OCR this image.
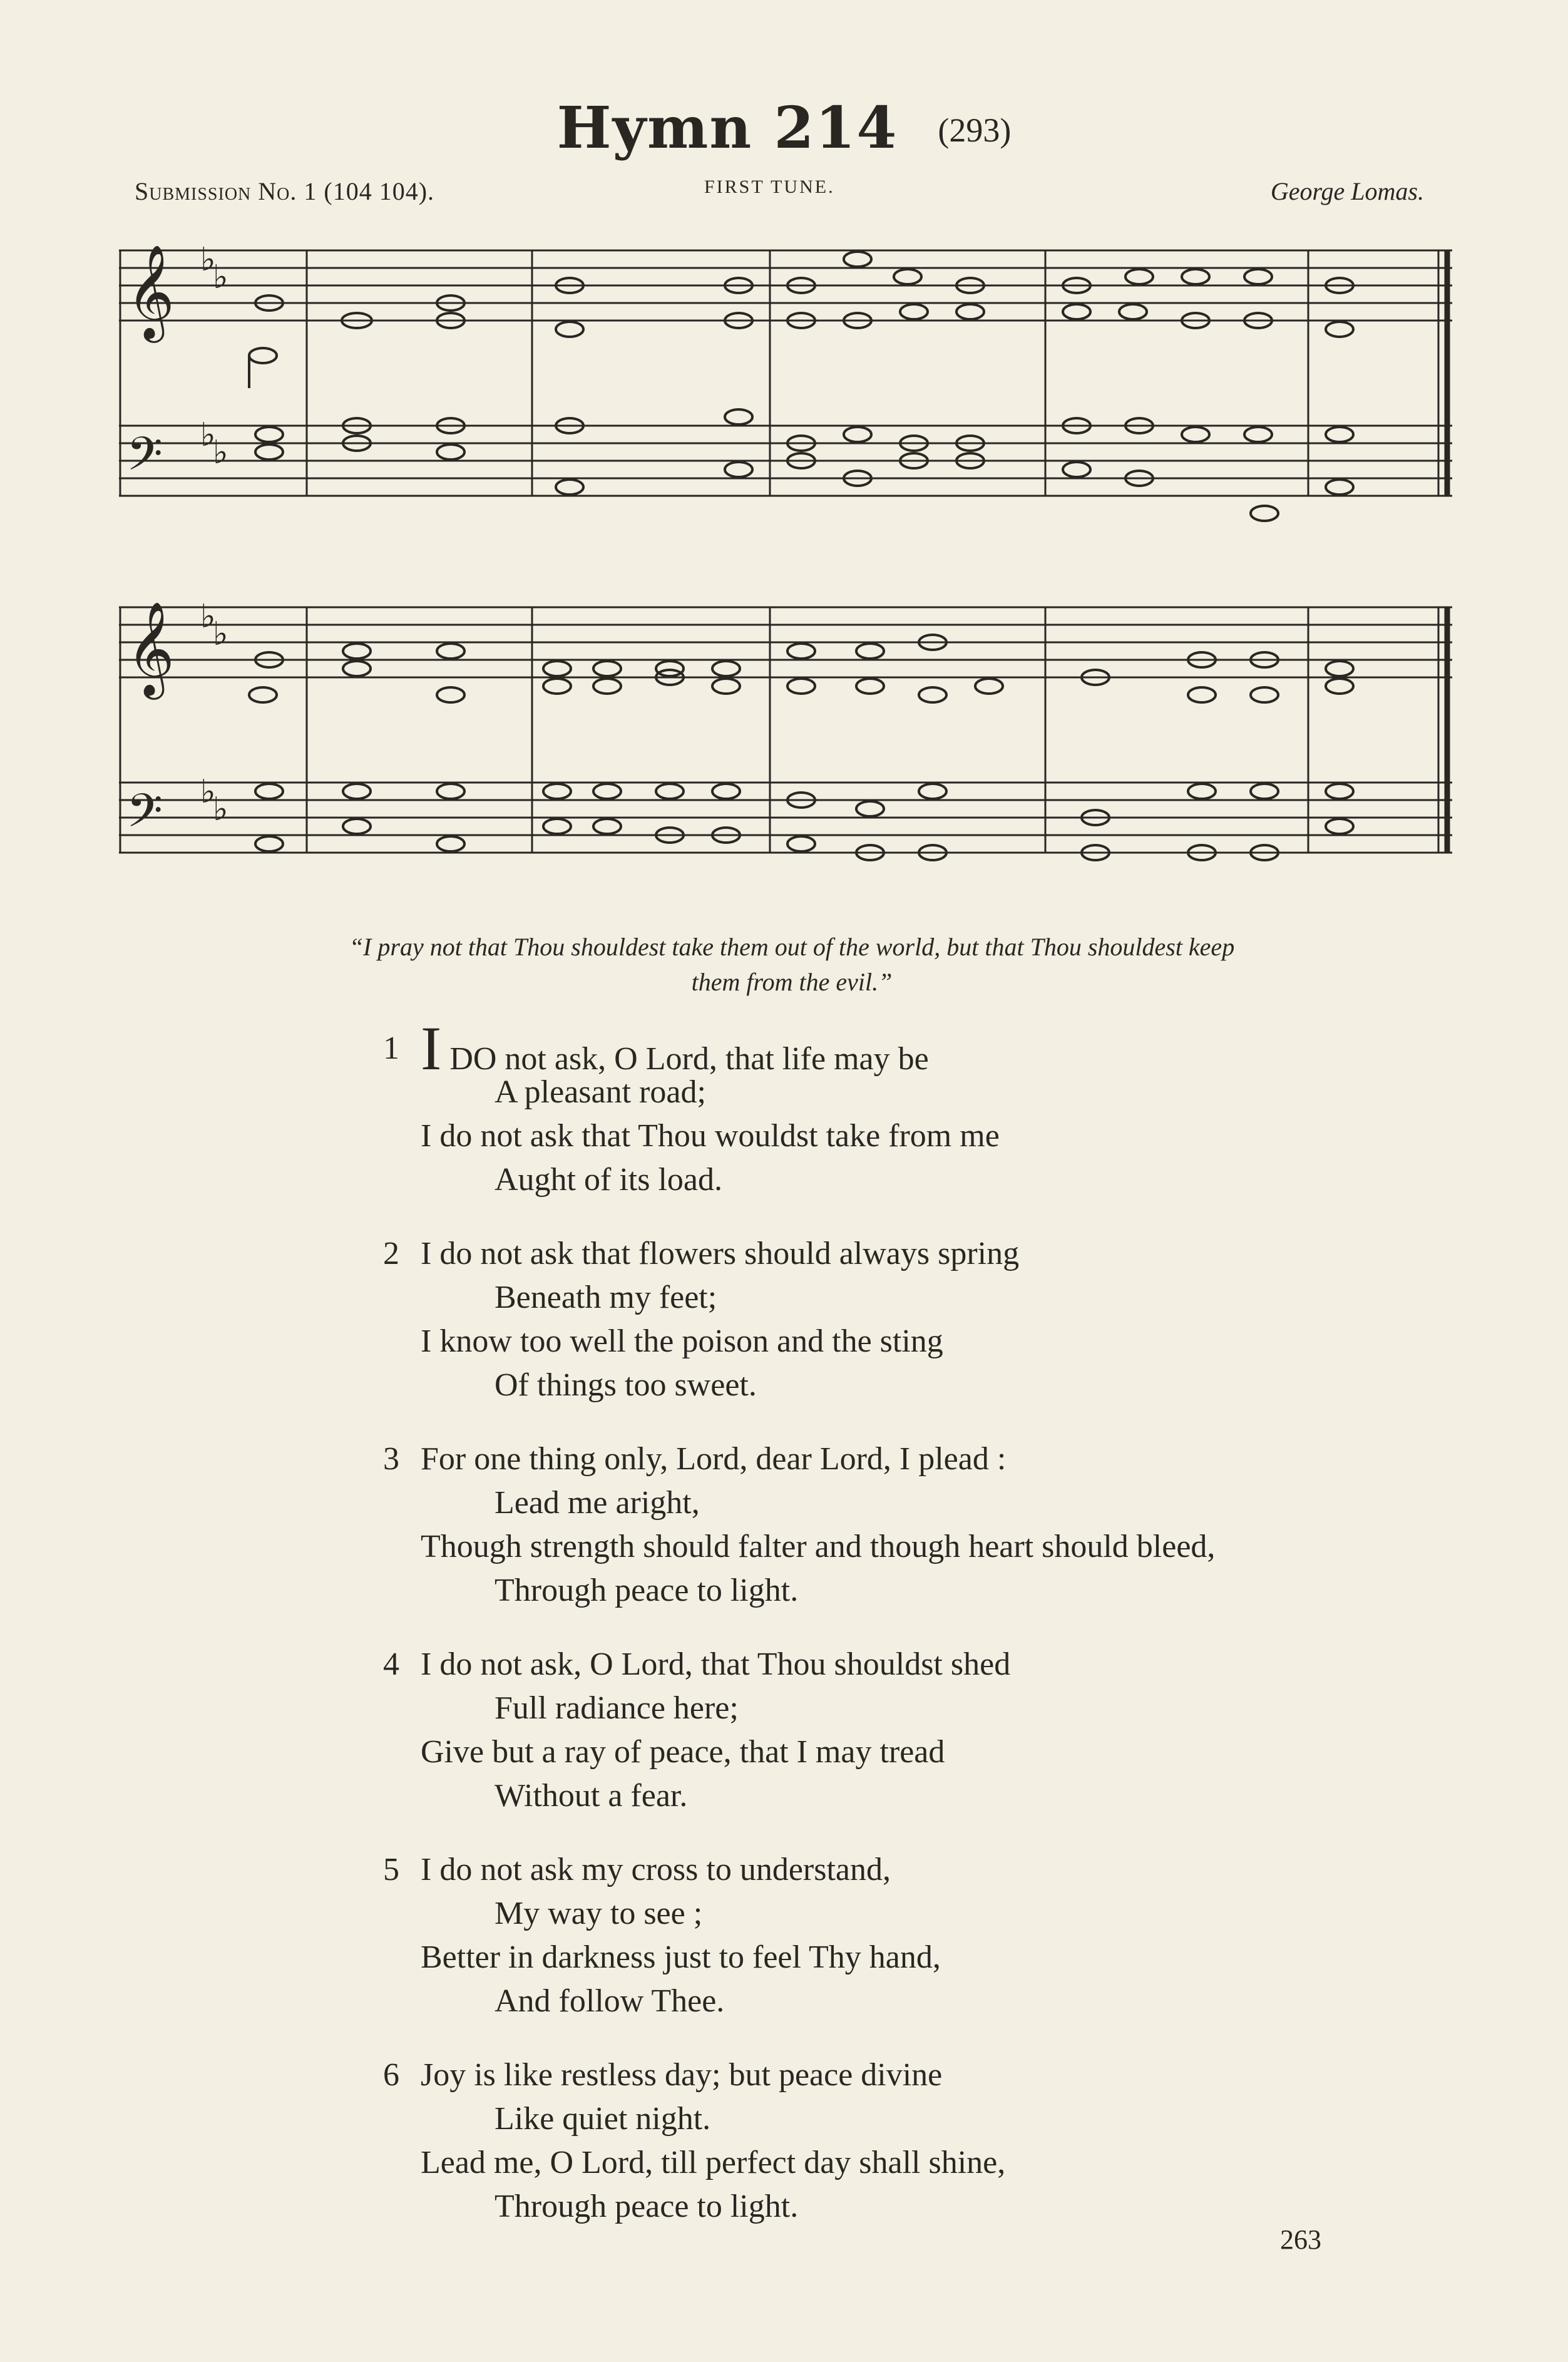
Hymn 214 (293)
Submission No. 1 (104 104).	FIRST TUNE.	George Lomas.
𝄞
𝄢
♭
♭
♭
♭
𝄞
𝄢
♭
♭
♭
♭
“I pray not that Thou shouldest take them out of the world, but that Thou shouldest keep
them from the evil.”
1 I DO not ask, O Lord, that life may be
A pleasant road;
I do not ask that Thou wouldst take from me
Aught of its load.
2 I do not ask that flowers should always spring
Beneath my feet;
I know too well the poison and the sting
Of things too sweet.
3 For one thing only, Lord, dear Lord, I plead :
Lead me aright,
Though strength should falter and though heart should bleed,
Through peace to light.
4 I do not ask, O Lord, that Thou shouldst shed
Full radiance here;
Give but a ray of peace, that I may tread
Without a fear.
5 I do not ask my cross to understand,
My way to see ;
Better in darkness just to feel Thy hand,
And follow Thee.
6 Joy is like restless day; but peace divine
Like quiet night.
Lead me, O Lord, till perfect day shall shine,
Through peace to light.
263
